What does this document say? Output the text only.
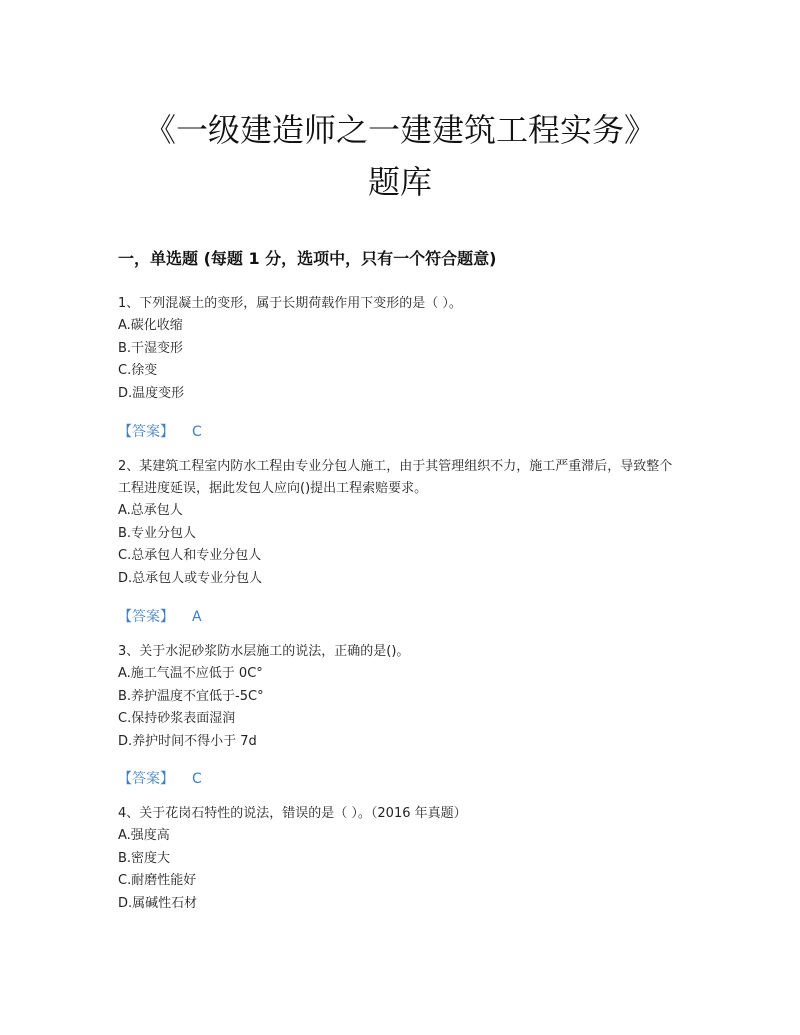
《一级建造师之一建建筑工程实务》
题库
一，单选题 (每题 1 分，选项中，只有一个符合题意)

1、下列混凝土的变形，属于长期荷载作用下变形的是（ ）。

A.碳化收缩

B.干湿变形

C.徐变

D.温度变形

【答案】 C

2、某建筑工程室内防水工程由专业分包人施工，由于其管理组织不力，施工严重滞后，导致整个工程进度延误，据此发包人应向()提出工程索赔要求。

A.总承包人

B.专业分包人

C.总承包人和专业分包人

D.总承包人或专业分包人

【答案】 A

3、关于水泥砂浆防水层施工的说法，正确的是()。

A.施工气温不应低于 0C°

B.养护温度不宜低于-5C°

C.保持砂浆表面湿润

D.养护时间不得小于 7d

【答案】 C

4、关于花岗石特性的说法，错误的是（ ）。（2016 年真题）

A.强度高

B.密度大

C.耐磨性能好

D.属碱性石材
